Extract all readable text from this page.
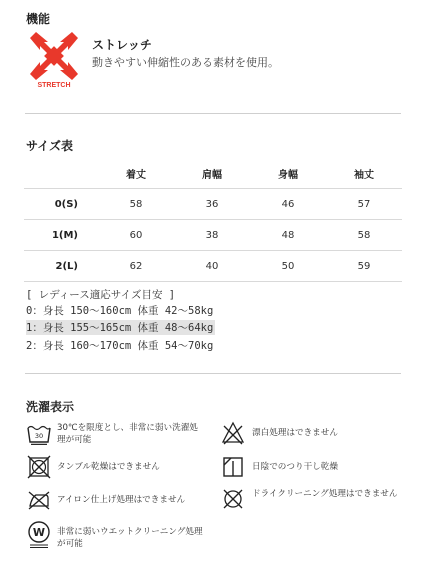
機能
STRETCH
ストレッチ
動きやすい伸縮性のある素材を使用。
サイズ表
	着丈	肩幅	身幅	袖丈
0(S)	58	36	46	57
1(M)	60	38	48	58
2(L)	62	40	50	59
[ レディース適応サイズ目安 ]
0：身長 150～160cm 体重 42～58kg
1：身長 155～165cm 体重 48～64kg
2：身長 160～170cm 体重 54～70kg
洗濯表示
30
30℃を限度とし、非常に弱い洗濯処理が可能
漂白処理はできません
タンブル乾燥はできません	日陰でのつり干し乾燥
アイロン仕上げ処理はできません
ドライクリーニング処理はできません
W 非常に弱いウエットクリーニング処理が可能
